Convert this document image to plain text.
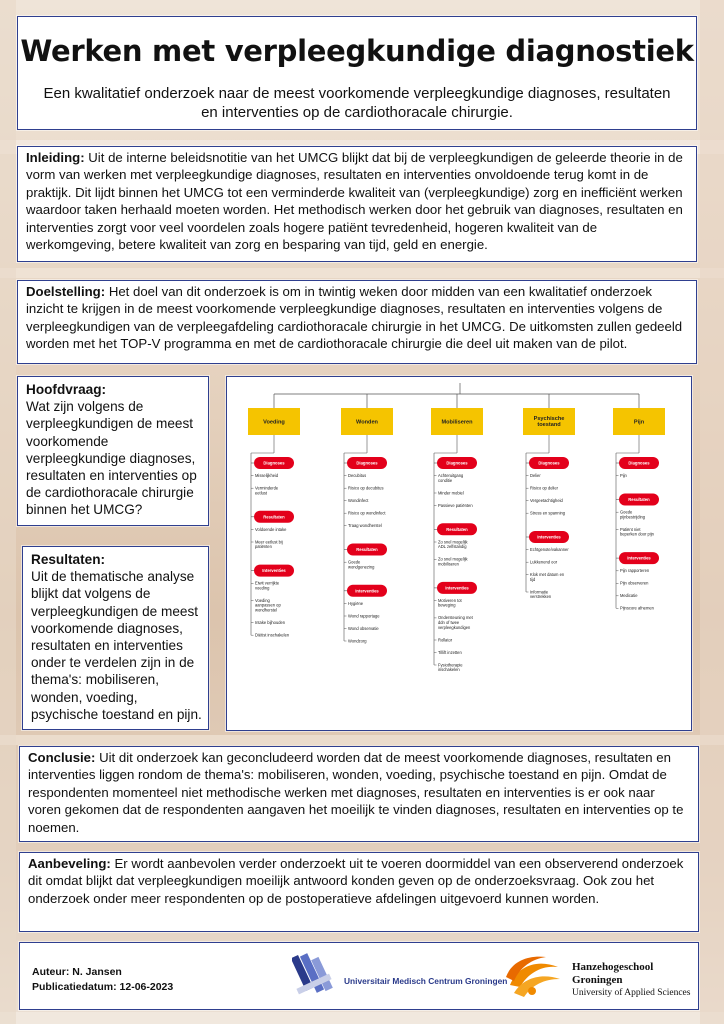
Werken met verpleegkundige diagnostiek

Een kwalitatief onderzoek naar de meest voorkomende verpleegkundige diagnoses, resultaten en interventies op de cardiothoracale chirurgie.

Inleiding: Uit de interne beleidsnotitie van het UMCG blijkt dat bij de verpleegkundigen de geleerde theorie in de vorm van werken met verpleegkundige diagnoses, resultaten en interventies onvoldoende terug komt in de praktijk. Dit lijdt binnen het UMCG tot een verminderde kwaliteit van (verpleegkundige) zorg en inefficiënt werken waardoor taken herhaald moeten worden. Het methodisch werken door het gebruik van diagnoses, resultaten en interventies zorgt voor veel voordelen zoals hogere patiënt tevredenheid, hogeren kwaliteit van de werkomgeving, betere kwaliteit van zorg en besparing van tijd, geld en energie.
Doelstelling: Het doel van dit onderzoek is om in twintig weken door midden van een kwalitatief onderzoek inzicht te krijgen in de meest voorkomende verpleegkundige diagnoses, resultaten en interventies volgens de verpleegkundigen van de verpleegafdeling cardiothoracale chirurgie in het UMCG. De uitkomsten zullen gedeeld worden met het TOP-V programma en met de cardiothoracale chirurgie die deel uit maken van de pilot.
Hoofdvraag:
Wat zijn volgens de verpleegkundigen de meest voorkomende verpleegkundige diagnoses, resultaten en interventies op de cardiothoracale chirurgie binnen het UMCG?
Resultaten:
Uit de thematische analyse blijkt dat volgens de verpleegkundigen de meest voorkomende diagnoses, resultaten en interventies onder te verdelen zijn in de thema's: mobiliseren, wonden, voeding, psychische toestand en pijn.
Voeding
Diagnoses
Misselijkheid
Verminderde eetlust
Resultaten
Voldoende intake
Meer eetlust bij patiënten
Interventies
Eiwit verrijkte voeding
Voeding aanpassen op wondherstel
Intake bijhouden
Diëtist inschakelen
Wonden
Diagnoses
Decubitus
Risico op decubitus
Wondinfect
Risico op wondinfect
Traag wondherstel
Resultaten
Goede wondgenezing
Interventies
Hygiëne
Wond rapportage
Wond observatie
Wondzorg
Mobiliseren
Diagnoses
Achteruitgang conditie
Minder mobiel
Passieve patiënten
Resultaten
Zo snel mogelijk ADL zelfstandig
Zo snel mogelijk mobiliseren
Interventies
Motiveren tot beweging
Ondersteuning met ddn of twee verpleegkundigen
Rollator
Tillift inzetten
Fysiotherapie inschakelen
Psychische toestand
Diagnoses
Delier
Risico op delier
Vergeetachtigheid
Stress en spanning
Interventies
Echtgenote/vakanner
Lukkenend oor
Klok met datum en tijd
Informatie verstrekken
Pijn
Diagnoses
Pijn
Resultaten
Goede pijnbestrijding
Patiënt niet beperken door pijn
Interventies
Pijn rapporteren
Pijn observeren
Medicatie
Pijnscore afnemen
Conclusie: Uit dit onderzoek kan geconcludeerd worden dat de meest voorkomende diagnoses, resultaten en interventies liggen rondom de thema's: mobiliseren, wonden, voeding, psychische toestand en pijn. Omdat de respondenten momenteel niet methodische werken met diagnoses, resultaten en interventies is er ook naar voren gekomen dat de respondenten aangaven het moeilijk te vinden diagnoses, resultaten en interventies op te noemen.
Aanbeveling: Er wordt aanbevolen verder onderzoekt uit te voeren doormiddel van een observerend onderzoek dit omdat blijkt dat verpleegkundigen moeilijk antwoord konden geven op de onderzoeksvraag. Ook zou het onderzoek onder meer respondenten op de postoperatieve afdelingen uitgevoerd kunnen worden.
Auteur: N. Jansen
Publicatiedatum: 12-06-2023	Universitair Medisch Centrum Groningen
Hanzehogeschool
Groningen
University of Applied Sciences
